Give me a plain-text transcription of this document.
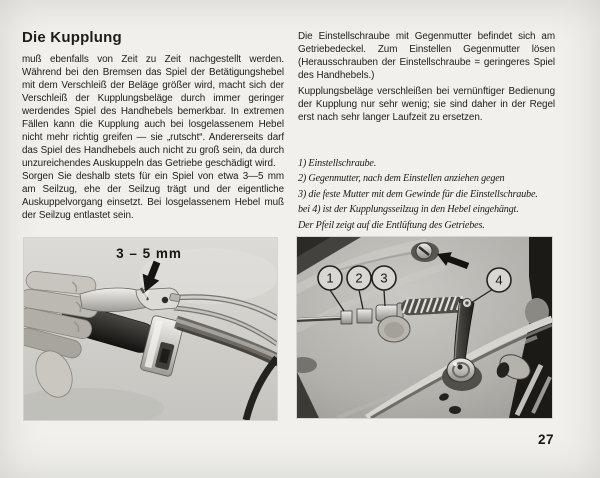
Die Kupplung

muß ebenfalls von Zeit zu Zeit nachgestellt werden. Während bei den Bremsen das Spiel der Betätigungshebel mit dem Verschleiß der Beläge größer wird, macht sich der Verschleiß der Kupplungsbeläge durch immer geringer werdendes Spiel des Handhebels bemerkbar. In extremen Fällen kann die Kupplung auch bei losgelassenem Hebel nicht mehr richtig greifen — sie „rutscht“. Andererseits darf das Spiel des Handhebels auch nicht zu groß sein, da durch unzureichendes Auskuppeln das Getriebe geschädigt wird.

Sorgen Sie deshalb stets für ein Spiel von etwa 3—5 mm am Seilzug, ehe der Seilzug trägt und der eigentliche Auskuppelvorgang einsetzt. Bei losgelassenem Hebel muß der Seilzug entlastet sein.

Die Einstellschraube mit Gegenmutter befindet sich am Getriebedeckel. Zum Einstellen Gegenmutter lösen (Herausschrauben der Einstellschraube = geringeres Spiel des Handhebels.)

Kupplungsbeläge verschleißen bei vernünftiger Bedienung der Kupplung nur sehr wenig; sie sind daher in der Regel erst nach sehr langer Laufzeit zu ersetzen.

1) Einstellschraube.
2) Gegenmutter, nach dem Einstellen anziehen gegen
3) die feste Mutter mit dem Gewinde für die Einstellschraube.
bei 4) ist der Kupplungsseilzug in den Hebel eingehängt.
Der Pfeil zeigt auf die Entlüftung des Getriebes.
3 – 5 mm
1 2 3	4
27
